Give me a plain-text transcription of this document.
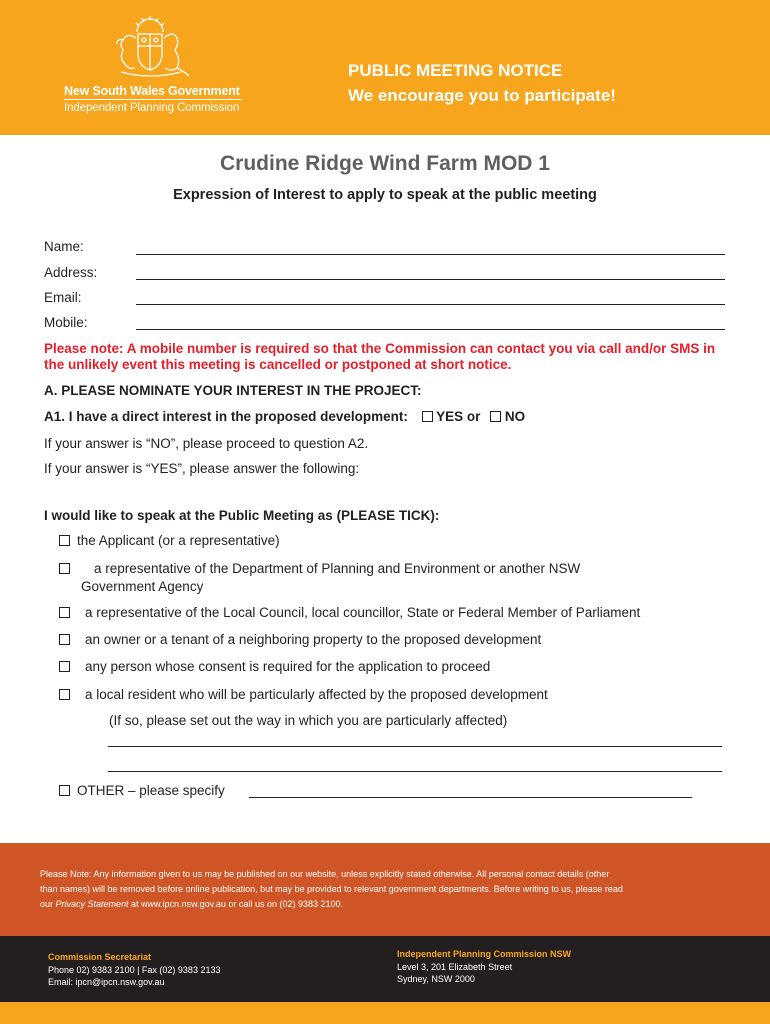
New South Wales Government
Independent Planning Commission
PUBLIC MEETING NOTICE
We encourage you to participate!
Crudine Ridge Wind Farm MOD 1
Expression of Interest to apply to speak at the public meeting
Name:
Address:
Email:
Mobile:
Please note: A mobile number is required so that the Commission can contact you via call and/or SMS in the unlikely event this meeting is cancelled or postponed at short notice.
A. PLEASE NOMINATE YOUR INTEREST IN THE PROJECT:
A1. I have a direct interest in the proposed development: YES or NO
If your answer is “NO”, please proceed to question A2.
If your answer is “YES”, please answer the following:
I would like to speak at the Public Meeting as (PLEASE TICK):
the Applicant (or a representative)
a representative of the Department of Planning and Environment or another NSW
Government Agency
a representative of the Local Council, local councillor, State or Federal Member of Parliament
an owner or a tenant of a neighboring property to the proposed development
any person whose consent is required for the application to proceed
a local resident who will be particularly affected by the proposed development
(If so, please set out the way in which you are particularly affected)
OTHER – please specify
Please Note: Any information given to us may be published on our website, unless explicitly stated otherwise. All personal contact details (other
than names) will be removed before online publication, but may be provided to relevant government departments. Before writing to us, please read
our Privacy Statement at www.ipcn.nsw.gov.au or call us on (02) 9383 2100.
Commission Secretariat
Phone 02) 9383 2100 | Fax (02) 9383 2133
Email: ipcn@ipcn.nsw.gov.au
Independent Planning Commission NSW
Level 3, 201 Elizabeth Street
Sydney, NSW 2000
